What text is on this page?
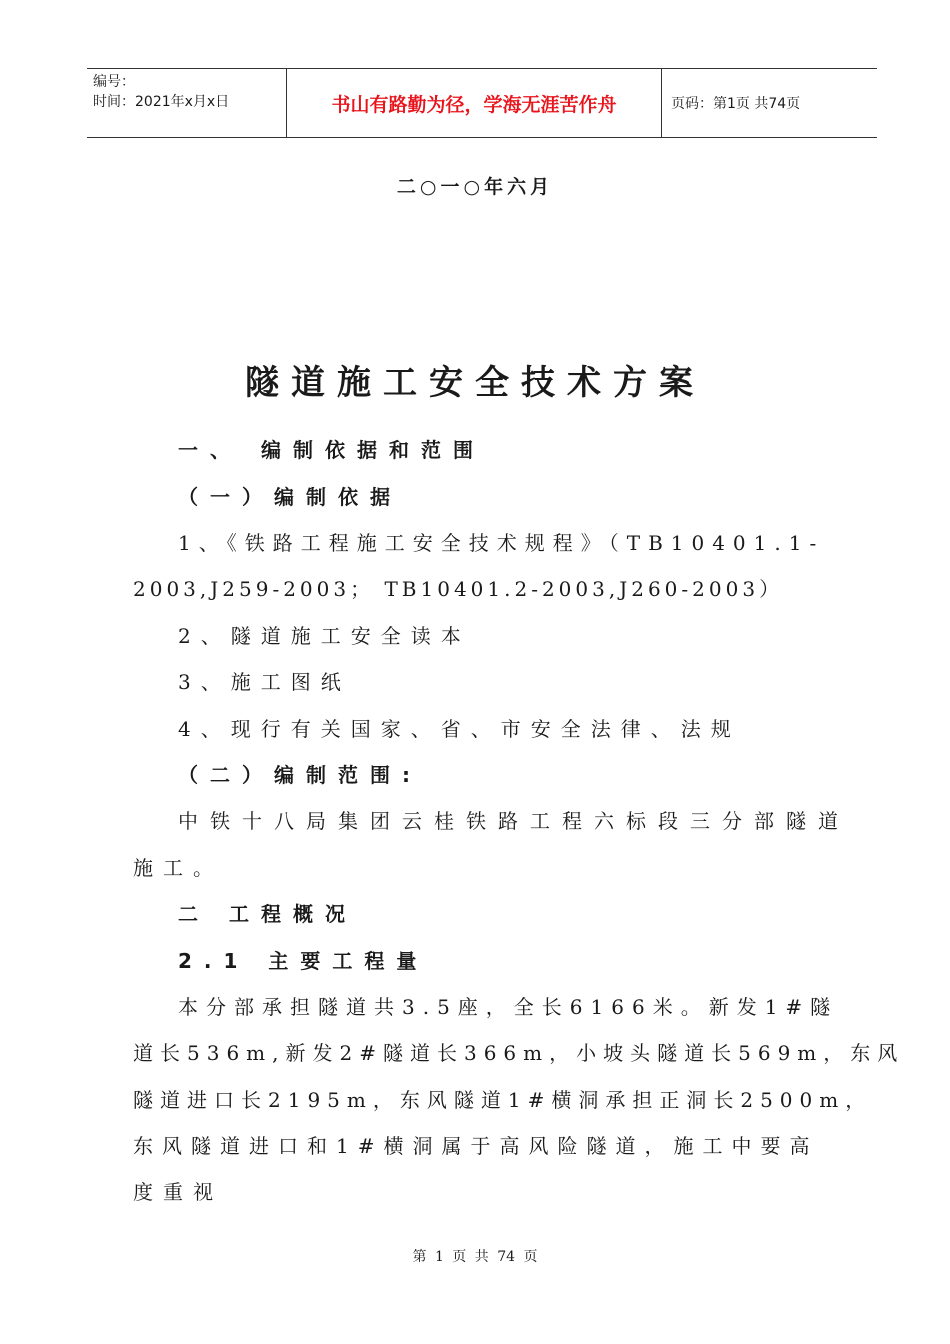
编号：
时间：2021年x月x日	书山有路勤为径，学海无涯苦作舟	页码：第1页 共74页
二○一○年六月
隧道施工安全技术方案
一、 编制依据和范围
（一）编制依据
1、《铁路工程施工安全技术规程》（TB10401.1-
2003,J259-2003； TB10401.2-2003,J260-2003）
2、隧道施工安全读本
3、施工图纸
4、现行有关国家、省、市安全法律、法规
（二）编制范围:
中铁十八局集团云桂铁路工程六标段三分部隧道
施工。
二 工程概况
2.1 主要工程量
本分部承担隧道共3.5座，全长6166米。新发1#隧
道长536m,新发2#隧道长366m，小坡头隧道长569m，东风
隧道进口长2195m，东风隧道1#横洞承担正洞长2500m，
东风隧道进口和1#横洞属于高风险隧道，施工中要高
度重视
第 1 页 共 74 页
